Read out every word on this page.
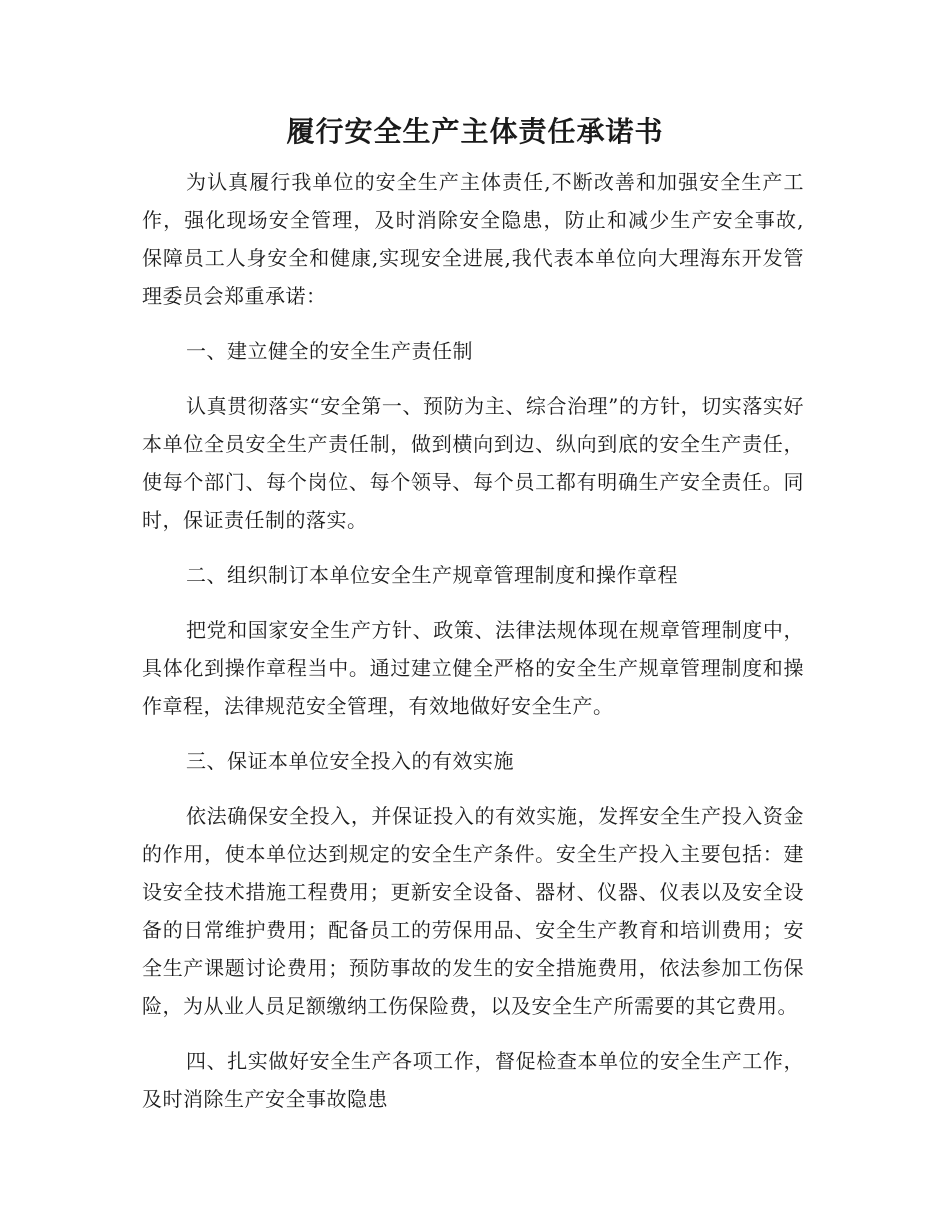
履行安全生产主体责任承诺书

为认真履行我单位的安全生产主体责任,不断改善和加强安全生产工作，强化现场安全管理，及时消除安全隐患，防止和减少生产安全事故,保障员工人身安全和健康,实现安全进展,我代表本单位向大理海东开发管理委员会郑重承诺：

一、建立健全的安全生产责任制

认真贯彻落实“安全第一、预防为主、综合治理”的方针，切实落实好本单位全员安全生产责任制，做到横向到边、纵向到底的安全生产责任，使每个部门、每个岗位、每个领导、每个员工都有明确生产安全责任。同时，保证责任制的落实。

二、组织制订本单位安全生产规章管理制度和操作章程

把党和国家安全生产方针、政策、法律法规体现在规章管理制度中，具体化到操作章程当中。通过建立健全严格的安全生产规章管理制度和操作章程，法律规范安全管理，有效地做好安全生产。

三、保证本单位安全投入的有效实施

依法确保安全投入，并保证投入的有效实施，发挥安全生产投入资金的作用，使本单位达到规定的安全生产条件。安全生产投入主要包括：建设安全技术措施工程费用；更新安全设备、器材、仪器、仪表以及安全设备的日常维护费用；配备员工的劳保用品、安全生产教育和培训费用；安全生产课题讨论费用；预防事故的发生的安全措施费用，依法参加工伤保险，为从业人员足额缴纳工伤保险费，以及安全生产所需要的其它费用。

四、扎实做好安全生产各项工作，督促检查本单位的安全生产工作，及时消除生产安全事故隐患
